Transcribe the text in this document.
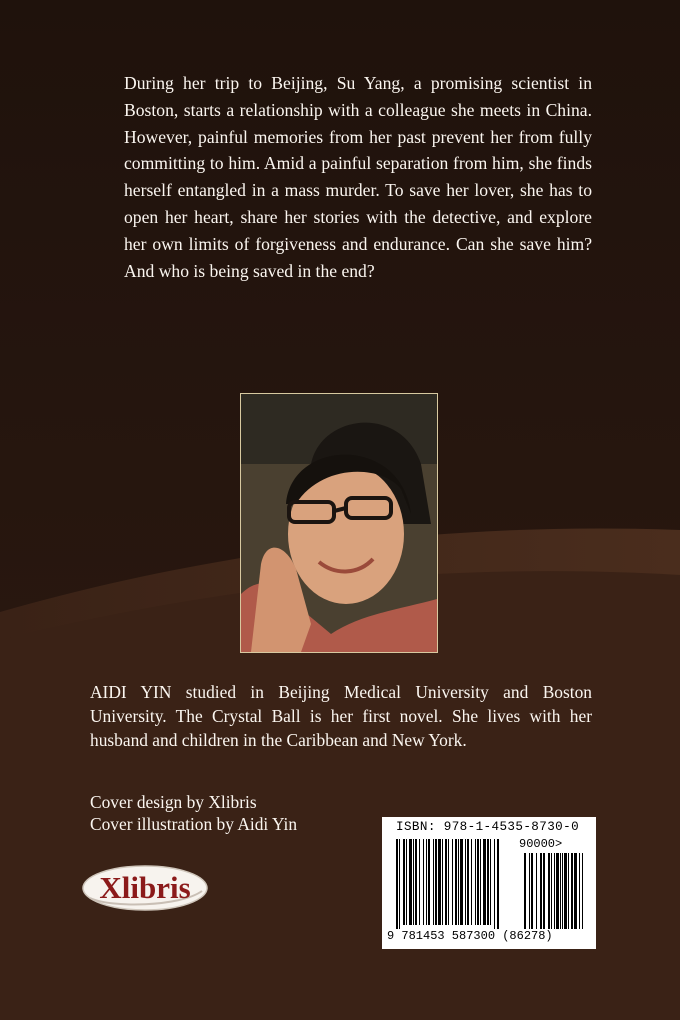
During her trip to Beijing, Su Yang, a promising scientist in Boston, starts a relationship with a colleague she meets in China. However, painful memories from her past prevent her from fully committing to him. Amid a painful separation from him, she finds herself entangled in a mass murder. To save her lover, she has to open her heart, share her stories with the detective, and explore her own limits of forgiveness and endurance. Can she save him? And who is being saved in the end?

AIDI YIN studied in Beijing Medical University and Boston University. The Crystal Ball is her first novel. She lives with her husband and children in the Caribbean and New York.

Cover design by Xlibris
Cover illustration by Aidi Yin
Xlibris
ISBN: 978-1-4535-8730-0
90000>
9 781453 587300 (86278)
